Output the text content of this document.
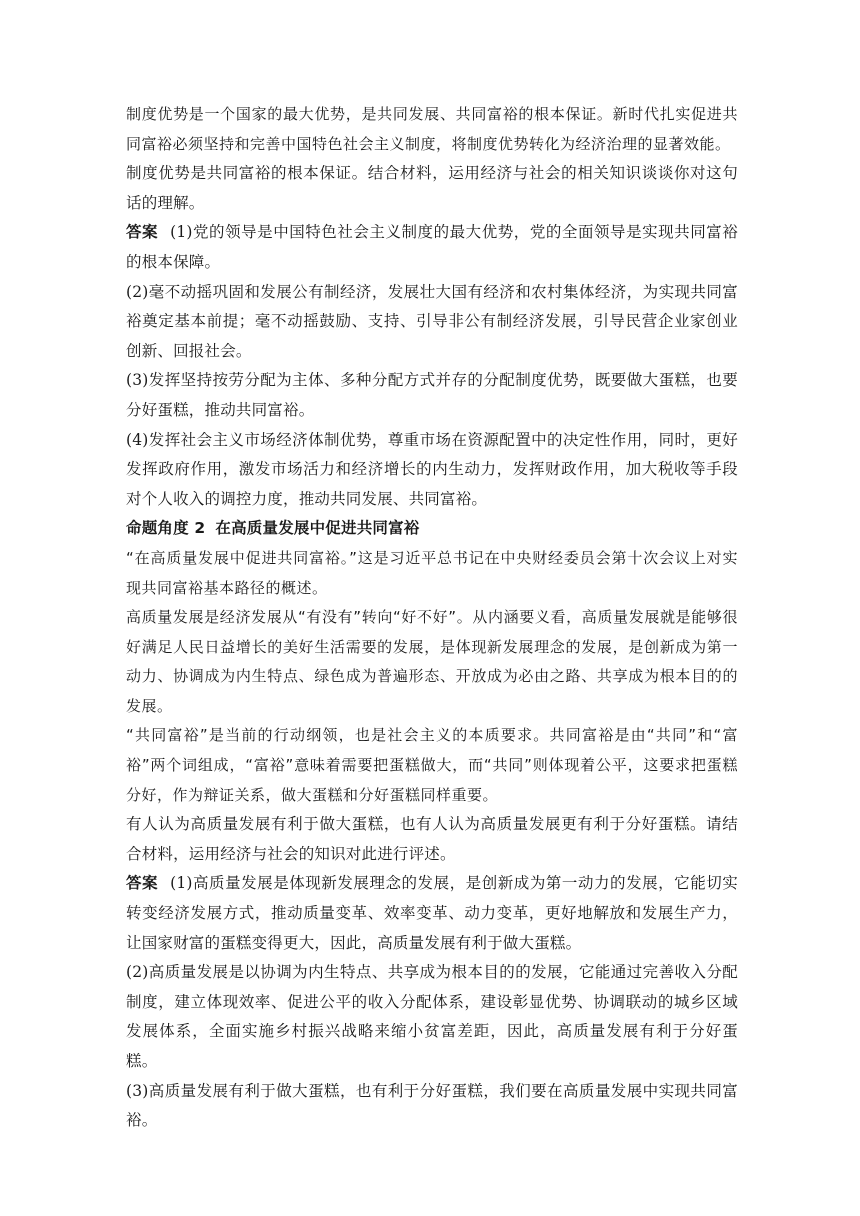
制度优势是一个国家的最大优势，是共同发展、共同富裕的根本保证。新时代扎实促进共同富裕必须坚持和完善中国特色社会主义制度，将制度优势转化为经济治理的显著效能。

制度优势是共同富裕的根本保证。结合材料，运用经济与社会的相关知识谈谈你对这句话的理解。

答案 (1)党的领导是中国特色社会主义制度的最大优势，党的全面领导是实现共同富裕的根本保障。

(2)毫不动摇巩固和发展公有制经济，发展壮大国有经济和农村集体经济，为实现共同富裕奠定基本前提；毫不动摇鼓励、支持、引导非公有制经济发展，引导民营企业家创业创新、回报社会。

(3)发挥坚持按劳分配为主体、多种分配方式并存的分配制度优势，既要做大蛋糕，也要分好蛋糕，推动共同富裕。

(4)发挥社会主义市场经济体制优势，尊重市场在资源配置中的决定性作用，同时，更好发挥政府作用，激发市场活力和经济增长的内生动力，发挥财政作用，加大税收等手段对个人收入的调控力度，推动共同发展、共同富裕。

命题角度 2 在高质量发展中促进共同富裕

“在高质量发展中促进共同富裕。”这是习近平总书记在中央财经委员会第十次会议上对实现共同富裕基本路径的概述。

高质量发展是经济发展从“有没有”转向“好不好”。从内涵要义看，高质量发展就是能够很好满足人民日益增长的美好生活需要的发展，是体现新发展理念的发展，是创新成为第一动力、协调成为内生特点、绿色成为普遍形态、开放成为必由之路、共享成为根本目的的发展。

“共同富裕”是当前的行动纲领，也是社会主义的本质要求。共同富裕是由“共同”和“富裕”两个词组成，“富裕”意味着需要把蛋糕做大，而“共同”则体现着公平，这要求把蛋糕分好，作为辩证关系，做大蛋糕和分好蛋糕同样重要。

有人认为高质量发展有利于做大蛋糕，也有人认为高质量发展更有利于分好蛋糕。请结合材料，运用经济与社会的知识对此进行评述。

答案 (1)高质量发展是体现新发展理念的发展，是创新成为第一动力的发展，它能切实转变经济发展方式，推动质量变革、效率变革、动力变革，更好地解放和发展生产力，让国家财富的蛋糕变得更大，因此，高质量发展有利于做大蛋糕。

(2)高质量发展是以协调为内生特点、共享成为根本目的的发展，它能通过完善收入分配制度，建立体现效率、促进公平的收入分配体系，建设彰显优势、协调联动的城乡区域发展体系，全面实施乡村振兴战略来缩小贫富差距，因此，高质量发展有利于分好蛋糕。

(3)高质量发展有利于做大蛋糕，也有利于分好蛋糕，我们要在高质量发展中实现共同富裕。
